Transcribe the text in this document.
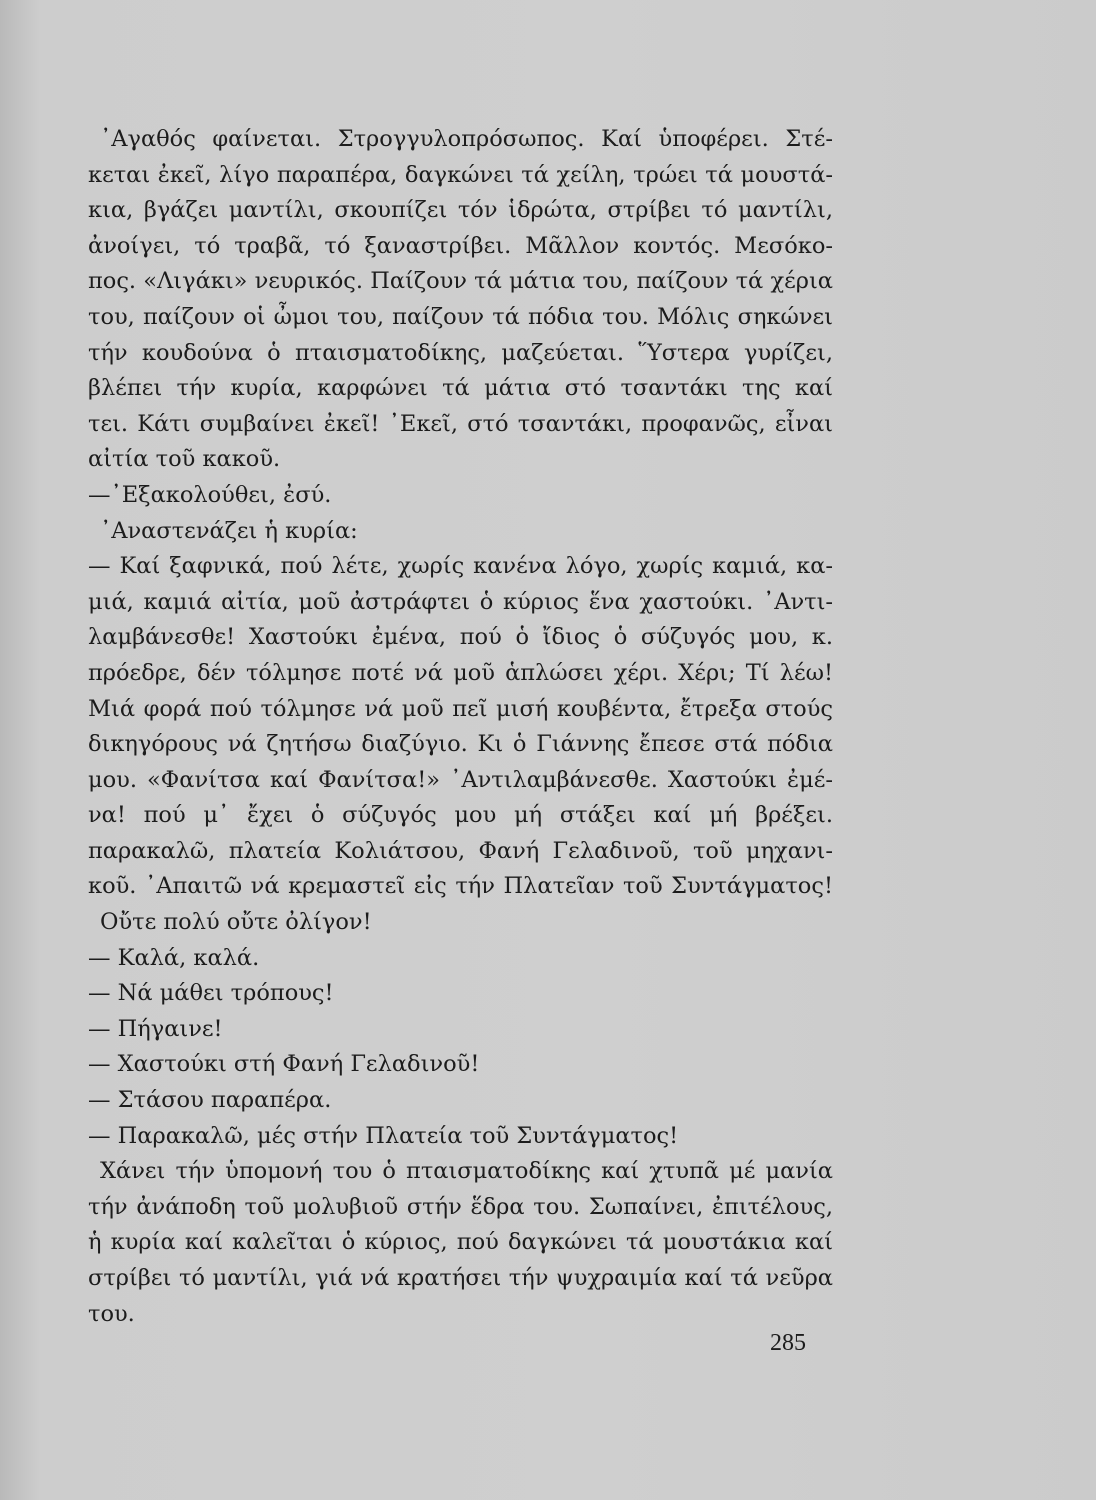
᾿Αγαθός φαίνεται. Στρογγυλοπρόσωπος. Καί ὑποφέρει. Στέ-
κεται ἐκεῖ, λίγο παραπέρα, δαγκώνει τά χείλη, τρώει τά μουστά-
κια, βγάζει μαντίλι, σκουπίζει τόν ἱδρώτα, στρίβει τό μαντίλι,
ἀνοίγει, τό τραβᾶ, τό ξαναστρίβει. Μᾶλλον κοντός. Μεσόκο-
πος. «Λιγάκι» νευρικός. Παίζουν τά μάτια του, παίζουν τά χέρια
του, παίζουν οἱ ὦμοι του, παίζουν τά πόδια του. Μόλις σηκώνει
τήν κουδούνα ὁ πταισματοδίκης, μαζεύεται. Ὕστερα γυρίζει,
βλέπει τήν κυρία, καρφώνει τά μάτια στό τσαντάκι της καί
τει. Κάτι συμβαίνει ἐκεῖ! ᾿Εκεῖ, στό τσαντάκι, προφανῶς, εἶναι
αἰτία τοῦ κακοῦ.
—᾿Εξακολούθει, ἐσύ.
᾿Αναστενάζει ἡ κυρία:
— Καί ξαφνικά, πού λέτε, χωρίς κανένα λόγο, χωρίς καμιά, κα-
μιά, καμιά αἰτία, μοῦ ἀστράφτει ὁ κύριος ἕνα χαστούκι. ᾿Αντι-
λαμβάνεσθε! Χαστούκι ἐμένα, πού ὁ ἴδιος ὁ σύζυγός μου, κ.
πρόεδρε, δέν τόλμησε ποτέ νά μοῦ ἁπλώσει χέρι. Χέρι; Τί λέω!
Μιά φορά πού τόλμησε νά μοῦ πεῖ μισή κουβέντα, ἔτρεξα στούς
δικηγόρους νά ζητήσω διαζύγιο. Κι ὁ Γιάννης ἔπεσε στά πόδια
μου. «Φανίτσα καί Φανίτσα!» ᾿Αντιλαμβάνεσθε. Χαστούκι ἐμέ-
να! πού μ᾿ ἔχει ὁ σύζυγός μου μή στάξει καί μή βρέξει.
παρακαλῶ, πλατεία Κολιάτσου, Φανή Γελαδινοῦ, τοῦ μηχανι-
κοῦ. ᾿Απαιτῶ νά κρεμαστεῖ εἰς τήν Πλατεῖαν τοῦ Συντάγματος!
Οὔτε πολύ οὔτε ὀλίγον!
— Καλά, καλά.
— Νά μάθει τρόπους!
— Πήγαινε!
— Χαστούκι στή Φανή Γελαδινοῦ!
— Στάσου παραπέρα.
— Παρακαλῶ, μές στήν Πλατεία τοῦ Συντάγματος!
Χάνει τήν ὑπομονή του ὁ πταισματοδίκης καί χτυπᾶ μέ μανία
τήν ἀνάποδη τοῦ μολυβιοῦ στήν ἕδρα του. Σωπαίνει, ἐπιτέλους,
ἡ κυρία καί καλεῖται ὁ κύριος, πού δαγκώνει τά μουστάκια καί
στρίβει τό μαντίλι, γιά νά κρατήσει τήν ψυχραιμία καί τά νεῦρα
του.
285
